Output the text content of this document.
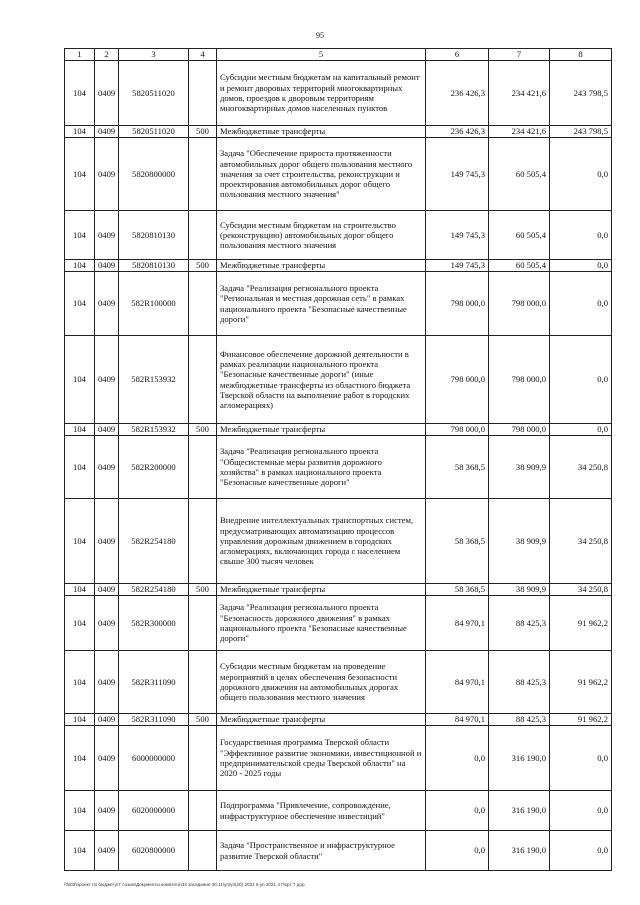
95
1	2	3	4	5	6	7	8
104	0409	5820511020		Субсидии местным бюджетам на капитальный ремонт и ремонт дворовых территорий многоквартирных домов, проездов к дворовым территориям многоквартирных домов населенных пунктов	236 426,3	234 421,6	243 798,5
104	0409	5820511020	500	Межбюджетные трансферты	236 426,3	234 421,6	243 798,5
104	0409	5820800000		Задача "Обеспечение прироста протяженности автомобильных дорог общего пользования местного значения за счет строительства, реконструкции и проектирования автомобильных дорог общего пользования местного значения"	149 745,3	60 505,4	0,0
104	0409	5820810130		Субсидии местным бюджетам на строительство (реконструкцию) автомобильных дорог общего пользования местного значения	149 745,3	60 505,4	0,0
104	0409	5820810130	500	Межбюджетные трансферты	149 745,3	60 505,4	0,0
104	0409	582R100000		Задача "Реализация регионального проекта "Региональная и местная дорожная сеть" в рамках национального проекта "Безопасные качественные дороги"	798 000,0	798 000,0	0,0
104	0409	582R153932		Финансовое обеспечение дорожной деятельности в рамках реализации национального проекта "Безопасные качественные дороги" (иные межбюджетные трансферты из областного бюджета Тверской области на выполнение работ в городских агломерациях)	798 000,0	798 000,0	0,0
104	0409	582R153932	500	Межбюджетные трансферты	798 000,0	798 000,0	0,0
104	0409	582R200000		Задача "Реализация регионального проекта "Общесистемные меры развития дорожного хозяйства" в рамках национального проекта "Безопасные качественные дороги"	58 368,5	38 909,9	34 250,8
104	0409	582R254180		Внедрение интеллектуальных транспортных систем, предусматривающих автоматизацию процессов управления дорожным движением в городских агломерациях, включающих города с населением свыше 300 тысяч человек	58 368,5	38 909,9	34 250,8
104	0409	582R254180	500	Межбюджетные трансферты	58 368,5	38 909,9	34 250,8
104	0409	582R300000		Задача "Реализация регионального проекта "Безопасность дорожного движения" в рамках национального проекта "Безопасные качественные дороги"	84 970,1	88 425,3	91 962,2
104	0409	582R311090		Субсидии местным бюджетам на проведение мероприятий в целях обеспечения безопасности дорожного движения на автомобильных дорогах общего пользования местного значения	84 970,1	88 425,3	91 962,2
104	0409	582R311090	500	Межбюджетные трансферты	84 970,1	88 425,3	91 962,2
104	0409	6000000000		Государственная программа Тверской области "Эффективное развитие экономики, инвестиционной и предпринимательской среды Тверской области" на 2020 - 2025 годы	0,0	316 190,0	0,0
104	0409	6020000000		Подпрограмма "Привлечение, сопровождение, инфраструктурное обеспечение инвестиций"	0,0	316 190,0	0,0
104	0409	6020800000		Задача "Пространственное и инфраструктурное развитие Тверской области"	0,0	316 190,0	0,0
\\fs03\проект по бюджету\7 созыв\Документы комитета\33 заседание 30.11\уп\уп(2б) 2021 5 уп 2021 4 Порт 7 дор.
